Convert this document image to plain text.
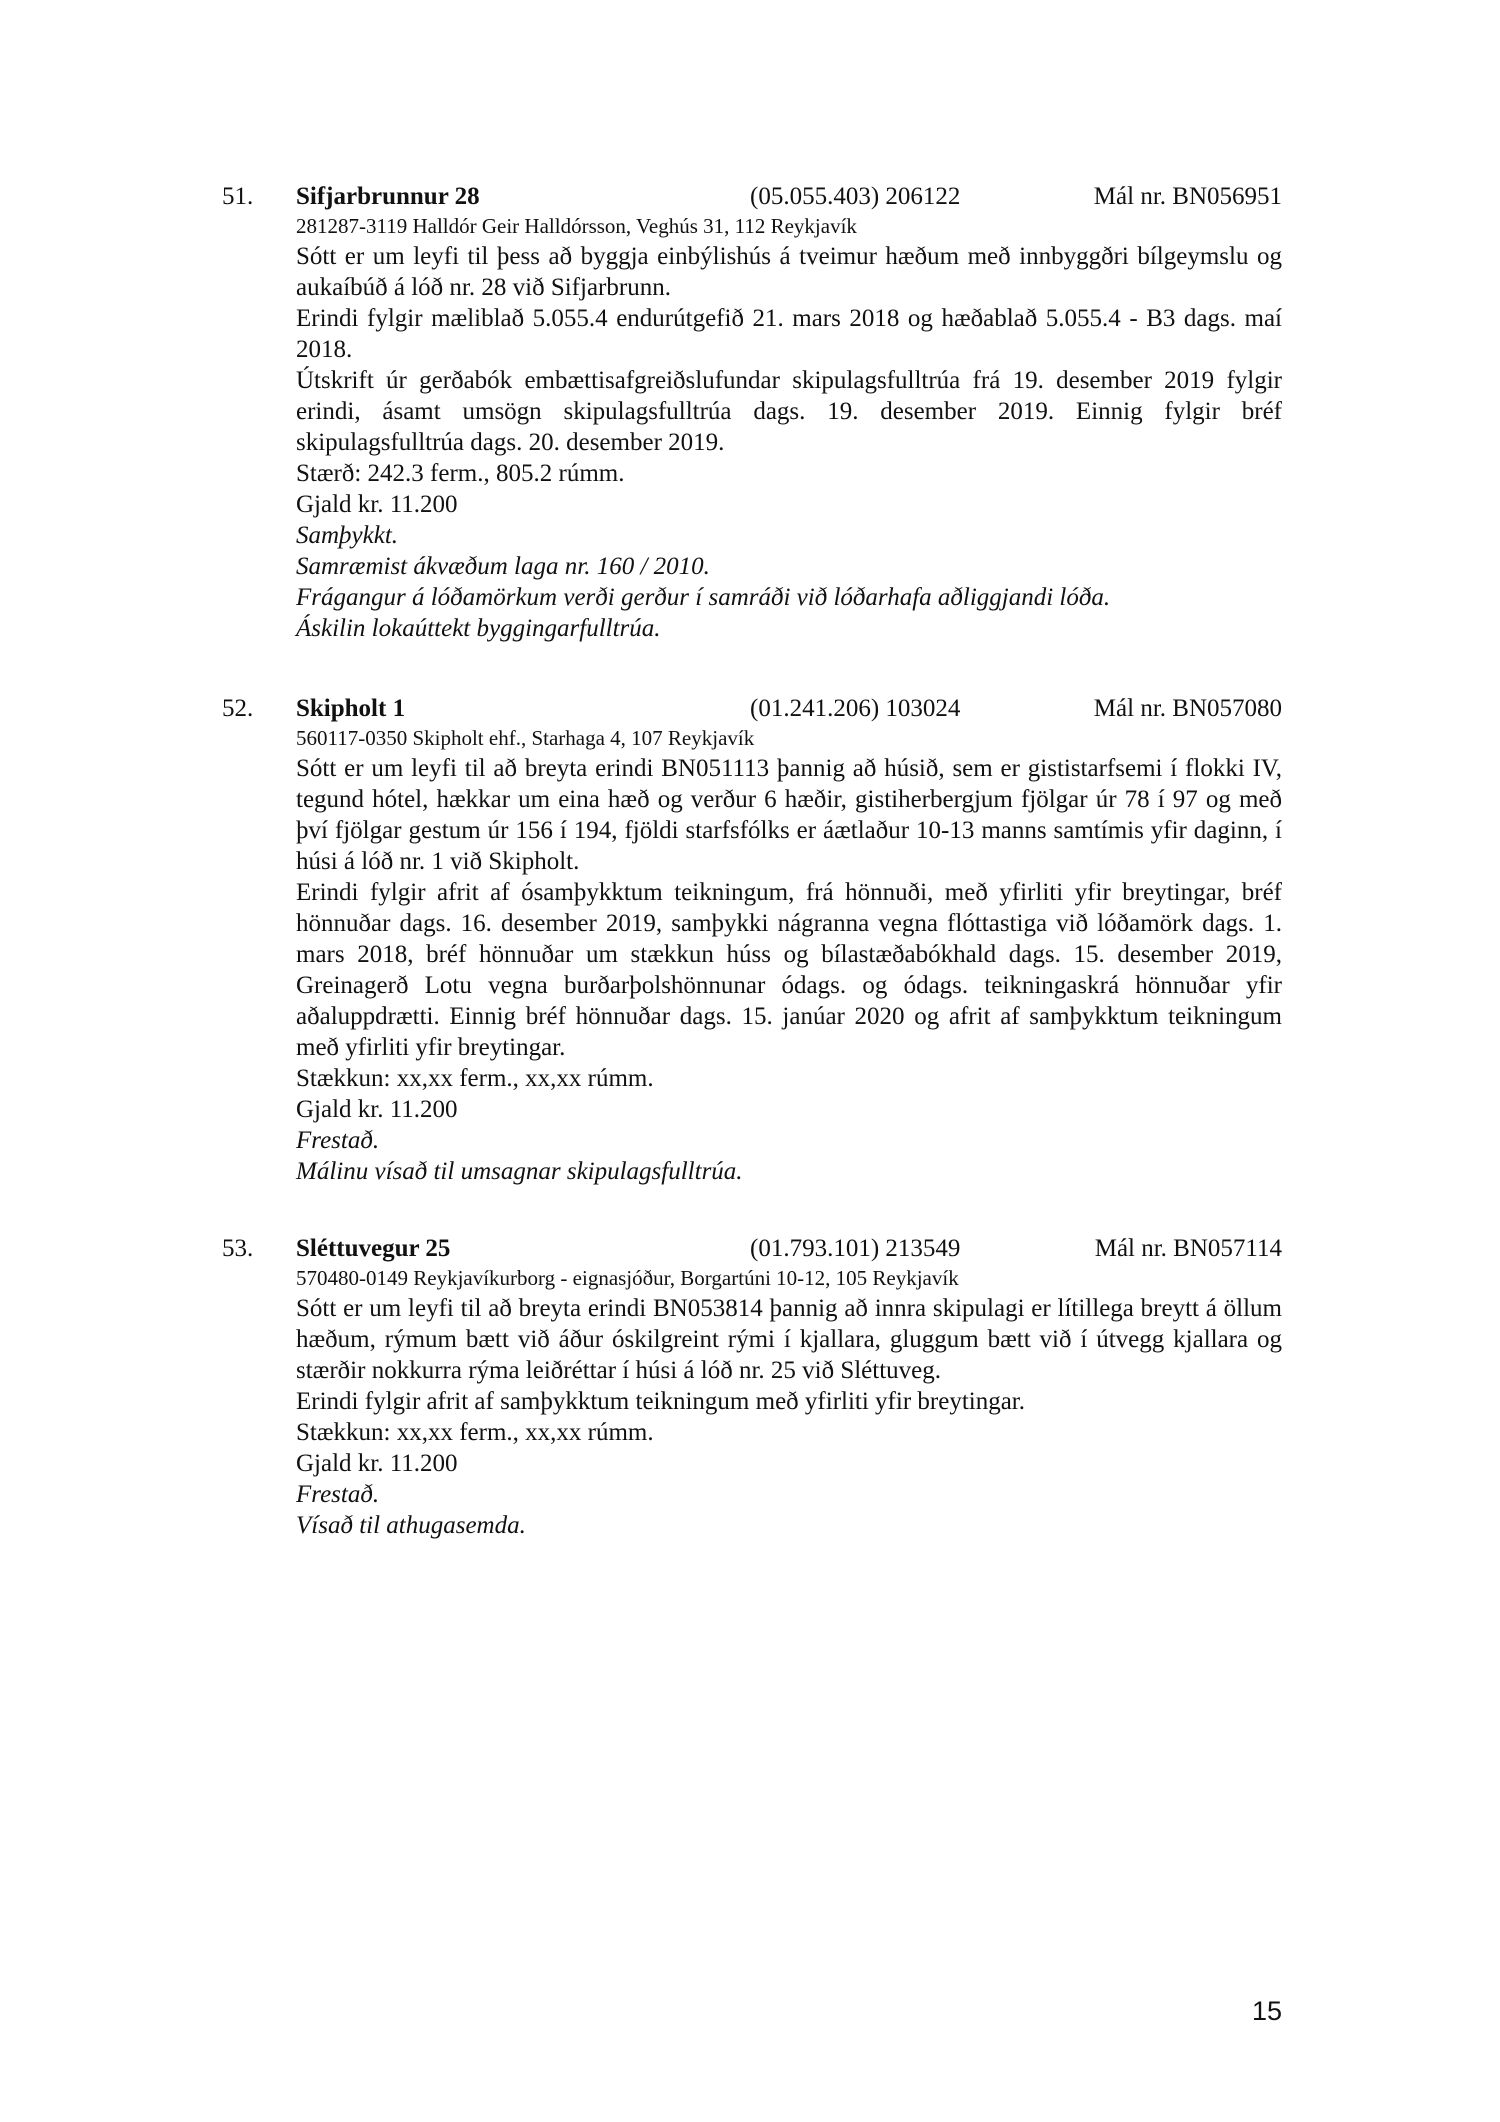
51. Sifjarbrunnur 28	(05.055.403) 206122	Mál nr. BN056951

281287-3119 Halldór Geir Halldórsson, Veghús 31, 112 Reykjavík

Sótt er um leyfi til þess að byggja einbýlishús á tveimur hæðum með innbyggðri bílgeymslu og aukaíbúð á lóð nr. 28 við Sifjarbrunn.

Erindi fylgir mæliblað 5.055.4 endurútgefið 21. mars 2018 og hæðablað 5.055.4 - B3 dags. maí 2018.

Útskrift úr gerðabók embættisafgreiðslufundar skipulagsfulltrúa frá 19. desember 2019 fylgir erindi, ásamt umsögn skipulagsfulltrúa dags. 19. desember 2019. Einnig fylgir bréf skipulagsfulltrúa dags. 20. desember 2019.

Stærð: 242.3 ferm., 805.2 rúmm.

Gjald kr. 11.200

Samþykkt.

Samræmist ákvæðum laga nr. 160 / 2010.

Frágangur á lóðamörkum verði gerður í samráði við lóðarhafa aðliggjandi lóða.

Áskilin lokaúttekt byggingarfulltrúa.

52. Skipholt 1	(01.241.206) 103024	Mál nr. BN057080

560117-0350 Skipholt ehf., Starhaga 4, 107 Reykjavík

Sótt er um leyfi til að breyta erindi BN051113 þannig að húsið, sem er gististarfsemi í flokki IV, tegund hótel, hækkar um eina hæð og verður 6 hæðir, gistiherbergjum fjölgar úr 78 í 97 og með því fjölgar gestum úr 156 í 194, fjöldi starfsfólks er áætlaður 10-13 manns samtímis yfir daginn, í húsi á lóð nr. 1 við Skipholt.

Erindi fylgir afrit af ósamþykktum teikningum, frá hönnuði, með yfirliti yfir breytingar, bréf hönnuðar dags. 16. desember 2019, samþykki nágranna vegna flóttastiga við lóðamörk dags. 1. mars 2018, bréf hönnuðar um stækkun húss og bílastæðabókhald dags. 15. desember 2019, Greinagerð Lotu vegna burðarþolshönnunar ódags. og ódags. teikningaskrá hönnuðar yfir aðaluppdrætti. Einnig bréf hönnuðar dags. 15. janúar 2020 og afrit af samþykktum teikningum með yfirliti yfir breytingar.

Stækkun: xx,xx ferm., xx,xx rúmm.

Gjald kr. 11.200

Frestað.

Málinu vísað til umsagnar skipulagsfulltrúa.

53. Sléttuvegur 25	(01.793.101) 213549	Mál nr. BN057114

570480-0149 Reykjavíkurborg - eignasjóður, Borgartúni 10-12, 105 Reykjavík

Sótt er um leyfi til að breyta erindi BN053814 þannig að innra skipulagi er lítillega breytt á öllum hæðum, rýmum bætt við áður óskilgreint rými í kjallara, gluggum bætt við í útvegg kjallara og stærðir nokkurra rýma leiðréttar í húsi á lóð nr. 25 við Sléttuveg.

Erindi fylgir afrit af samþykktum teikningum með yfirliti yfir breytingar.

Stækkun: xx,xx ferm., xx,xx rúmm.

Gjald kr. 11.200

Frestað.

Vísað til athugasemda.

15
